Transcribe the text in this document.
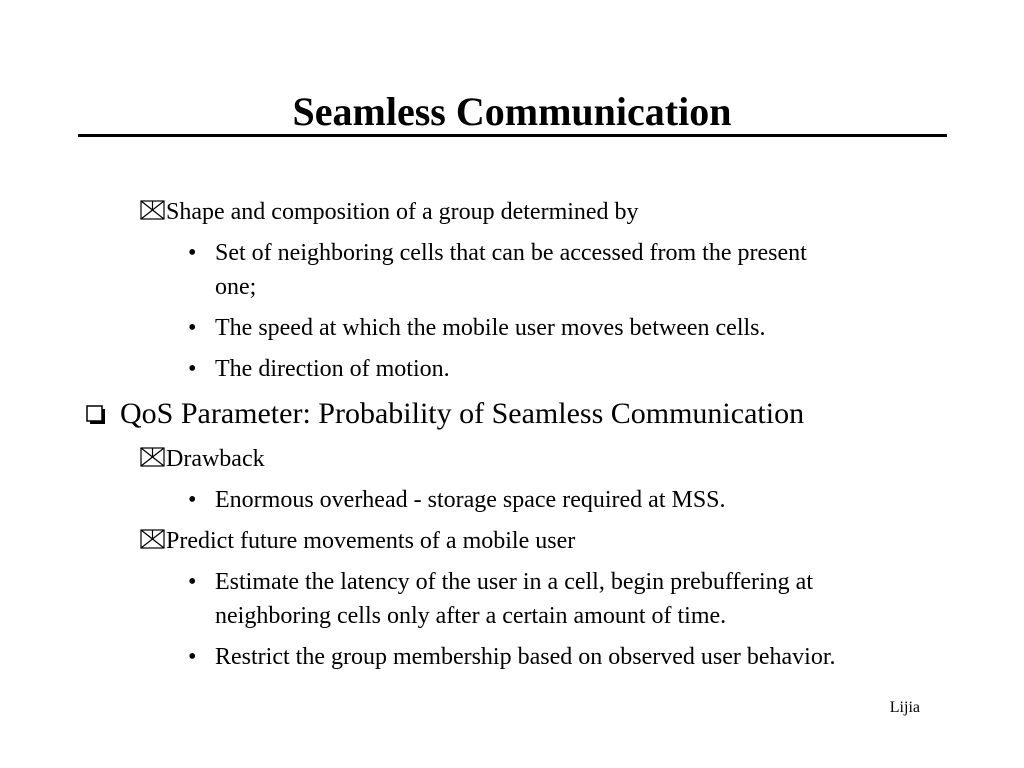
Seamless Communication
Shape and composition of a group determined by
• Set of neighboring cells that can be accessed from the present
one;
• The speed at which the mobile user moves between cells.
• The direction of motion.
QoS Parameter: Probability of Seamless Communication
Drawback
• Enormous overhead - storage space required at MSS.
Predict future movements of a mobile user
• Estimate the latency of the user in a cell, begin prebuffering at
neighboring cells only after a certain amount of time.
• Restrict the group membership based on observed user behavior.
Lijia
